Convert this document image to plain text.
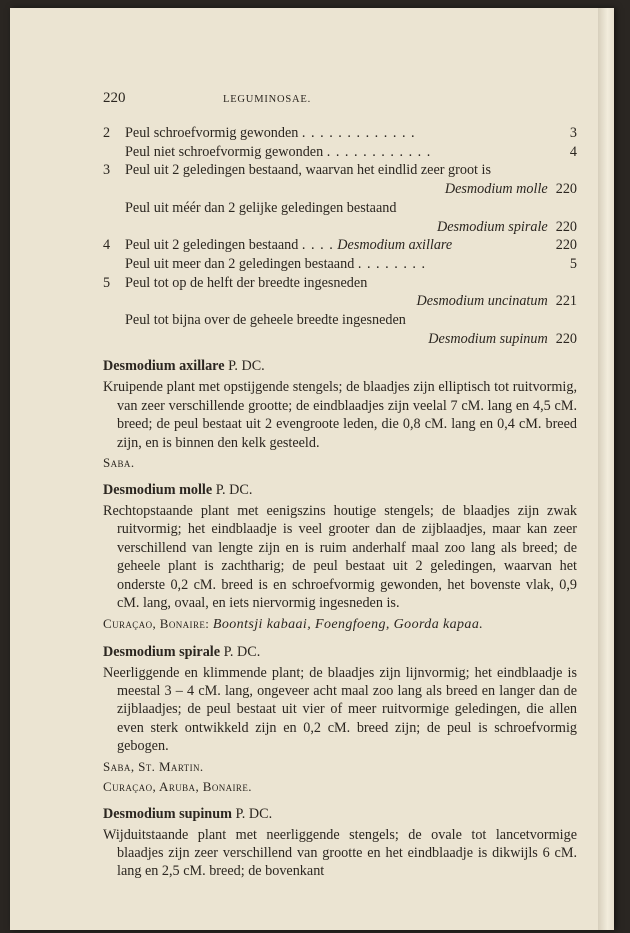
220	LEGUMINOSAE.
2	Peul schroefvormig gewonden . . . . . . . . . . . . .	3
Peul niet schroefvormig gewonden . . . . . . . . . . . .	4
3	Peul uit 2 geledingen bestaand, waarvan het eindlid zeer groot is
Desmodium molle 220
Peul uit méér dan 2 gelijke geledingen bestaand
Desmodium spirale 220
4	Peul uit 2 geledingen bestaand . . . . Desmodium axillare	220
Peul uit meer dan 2 geledingen bestaand . . . . . . . .	5
5	Peul tot op de helft der breedte ingesneden
Desmodium uncinatum 221
Peul tot bijna over de geheele breedte ingesneden
Desmodium supinum 220
Desmodium axillare P. DC.
Kruipende plant met opstijgende stengels; de blaadjes zijn elliptisch tot ruitvormig, van zeer verschillende grootte; de eindblaadjes zijn veelal 7 cM. lang en 4,5 cM. breed; de peul bestaat uit 2 evengroote leden, die 0,8 cM. lang en 0,4 cM. breed zijn, en is binnen den kelk gesteeld.
Saba.
Desmodium molle P. DC.
Rechtopstaande plant met eenigszins houtige stengels; de blaadjes zijn zwak ruitvormig; het eindblaadje is veel grooter dan de zijblaadjes, maar kan zeer verschillend van lengte zijn en is ruim anderhalf maal zoo lang als breed; de geheele plant is zachtharig; de peul bestaat uit 2 geledingen, waarvan het onderste 0,2 cM. breed is en schroefvormig gewonden, het bovenste vlak, 0,9 cM. lang, ovaal, en iets niervormig ingesneden is.
Curaçao, Bonaire: Boontsji kabaai, Foengfoeng, Goorda kapaa.
Desmodium spirale P. DC.
Neerliggende en klimmende plant; de blaadjes zijn lijnvormig; het eindblaadje is meestal 3 – 4 cM. lang, ongeveer acht maal zoo lang als breed en langer dan de zijblaadjes; de peul bestaat uit vier of meer ruitvormige geledingen, die allen even sterk ontwikkeld zijn en 0,2 cM. breed zijn; de peul is schroefvormig gebogen.
Saba, St. Martin.
Curaçao, Aruba, Bonaire.
Desmodium supinum P. DC.
Wijduitstaande plant met neerliggende stengels; de ovale tot lancetvormige blaadjes zijn zeer verschillend van grootte en het eindblaadje is dikwijls 6 cM. lang en 2,5 cM. breed; de bovenkant
